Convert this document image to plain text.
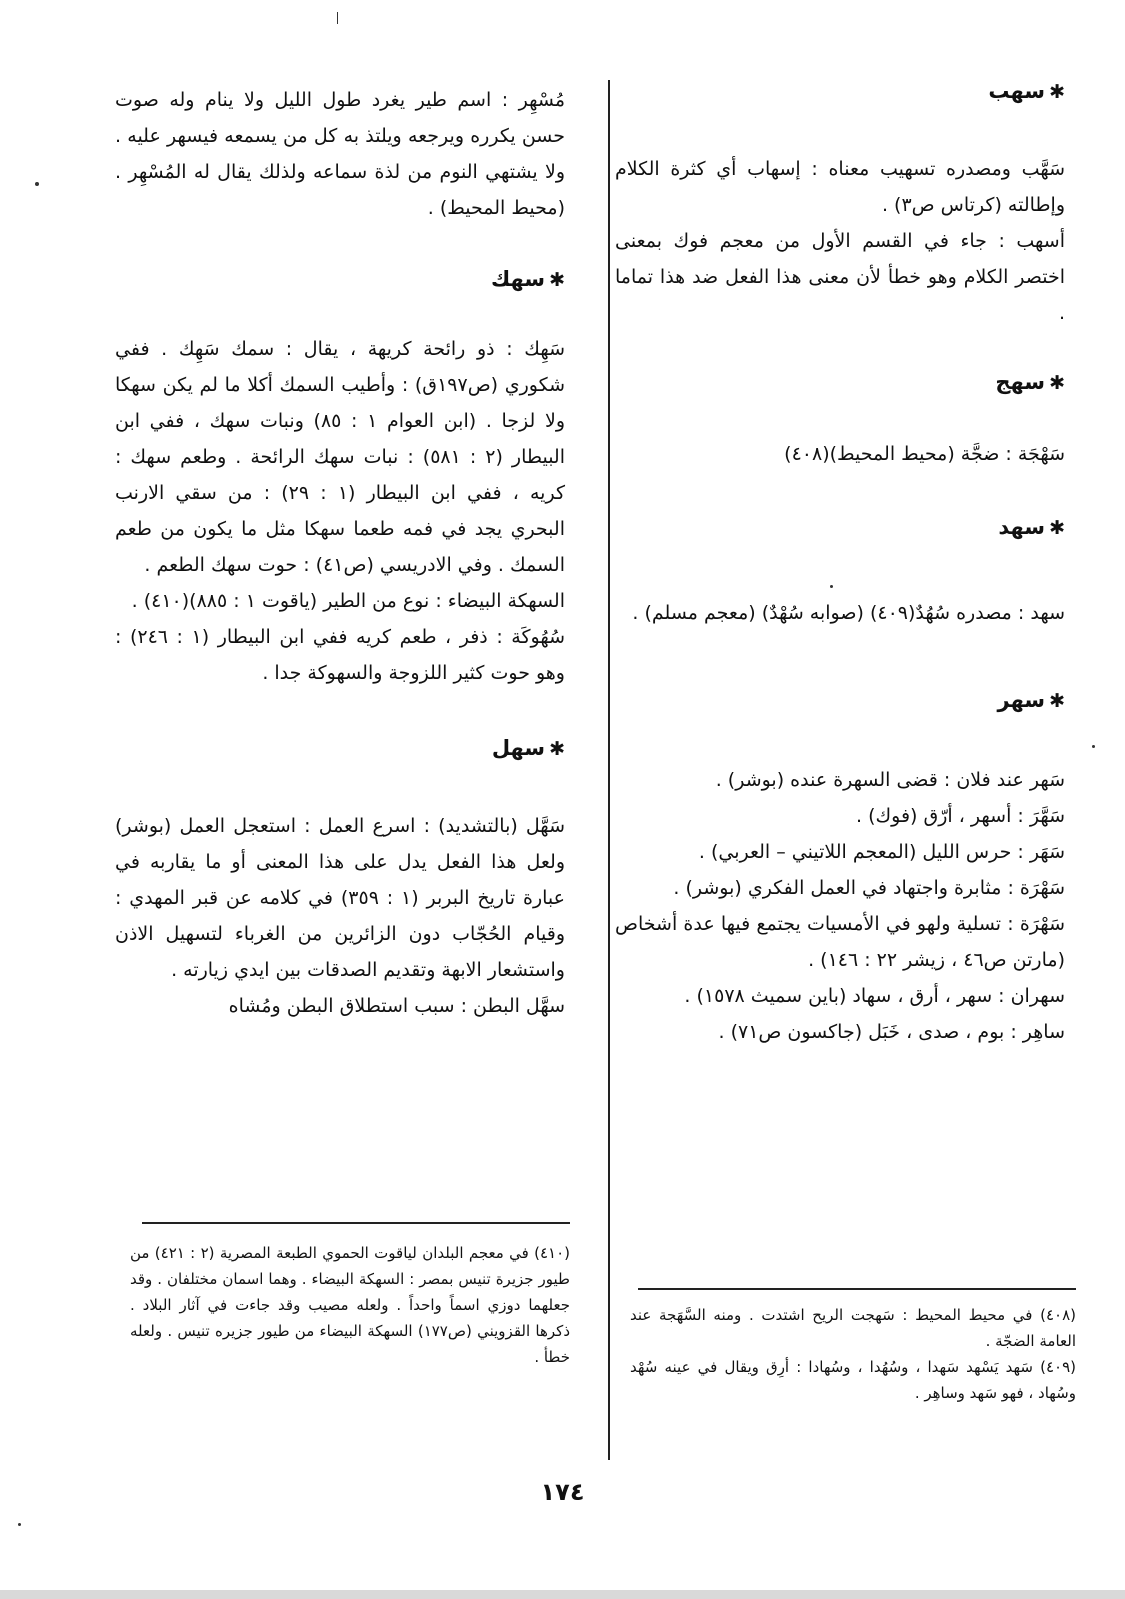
✱سهب

سَهَّب ومصدره تسهيب معناه : إسهاب أي كثرة الكلام وإطالته (كرتاس ص٣) .

أسهب : جاء في القسم الأول من معجم فوك بمعنى اختصر الكلام وهو خطأ لأن معنى هذا الفعل ضد هذا تماما .

✱سهج

سَهْجَة : ضجَّة (محيط المحيط)(٤٠٨)

✱سهد

سهد : مصدره سُهُدٌ(٤٠٩) (صوابه سُهْدٌ) (معجم مسلم) .

✱سهر

سَهر عند فلان : قضى السهرة عنده (بوشر) .

سَهَّرَ : أسهر ، أرّق (فوك) .

سَهَر : حرس الليل (المعجم اللاتيني – العربي) .

سَهْرَة : مثابرة واجتهاد في العمل الفكري (بوشر) .

سَهْرَة : تسلية ولهو في الأمسيات يجتمع فيها عدة أشخاص (مارتن ص٤٦ ، زيشر ٢٢ : ١٤٦) .

سهران : سهر ، أرق ، سهاد (باين سميث ١٥٧٨) .

ساهِر : بوم ، صدى ، خَبَل (جاكسون ص٧١) .

مُسْهِر : اسم طير يغرد طول الليل ولا ينام وله صوت حسن يكرره ويرجعه ويلتذ به كل من يسمعه فيسهر عليه . ولا يشتهي النوم من لذة سماعه ولذلك يقال له المُسْهِر . (محيط المحيط) .

✱سهك

سَهِك : ذو رائحة كريهة ، يقال : سمك سَهِك . ففي شكوري (ص١٩٧ق) : وأطيب السمك أكلا ما لم يكن سهكا ولا لزجا . (ابن العوام ١ : ٨٥) ونبات سهك ، ففي ابن البيطار (٢ : ٥٨١) : نبات سهك الرائحة . وطعم سهك : كريه ، ففي ابن البيطار (١ : ٢٩) : من سقي الارنب البحري يجد في فمه طعما سهكا مثل ما يكون من طعم السمك . وفي الادريسي (ص٤١) : حوت سهك الطعم .

السهكة البيضاء : نوع من الطير (ياقوت ١ : ٨٨٥)(٤١٠) .

سُهُوكَة : ذفر ، طعم كريه ففي ابن البيطار (١ : ٢٤٦) : وهو حوت كثير اللزوجة والسهوكة جدا .

✱سهل

سَهَّل (بالتشديد) : اسرع العمل : استعجل العمل (بوشر) ولعل هذا الفعل يدل على هذا المعنى أو ما يقاربه في عبارة تاريخ البربر (١ : ٣٥٩) في كلامه عن قبر المهدي : وقيام الحُجّاب دون الزائرين من الغرباء لتسهيل الاذن واستشعار الابهة وتقديم الصدقات بين ايدي زيارته .

سهَّل البطن : سبب استطلاق البطن ومُشاه

(٤١٠) في معجم البلدان لياقوت الحموي الطبعة المصرية (٢ : ٤٢١) من طيور جزيرة تنيس بمصر : السهكة البيضاء . وهما اسمان مختلفان . وقد جعلهما دوزي اسماً واحداً . ولعله مصيب وقد جاءت في آثار البلاد . ذكرها القزويني (ص١٧٧) السهكة البيضاء من طيور جزيره تنيس . ولعله خطأ .
(٤٠٨) في محيط المحيط : سَهجت الريح اشتدت . ومنه السَّهَجة عند العامة الضجّة .
(٤٠٩) سَهد يَسْهد سَهدا ، وسُهُدا ، وسُهادا : أرِق ويقال في عينه سُهْد وسُهاد ، فهو سَهد وساهِر .
١٧٤
